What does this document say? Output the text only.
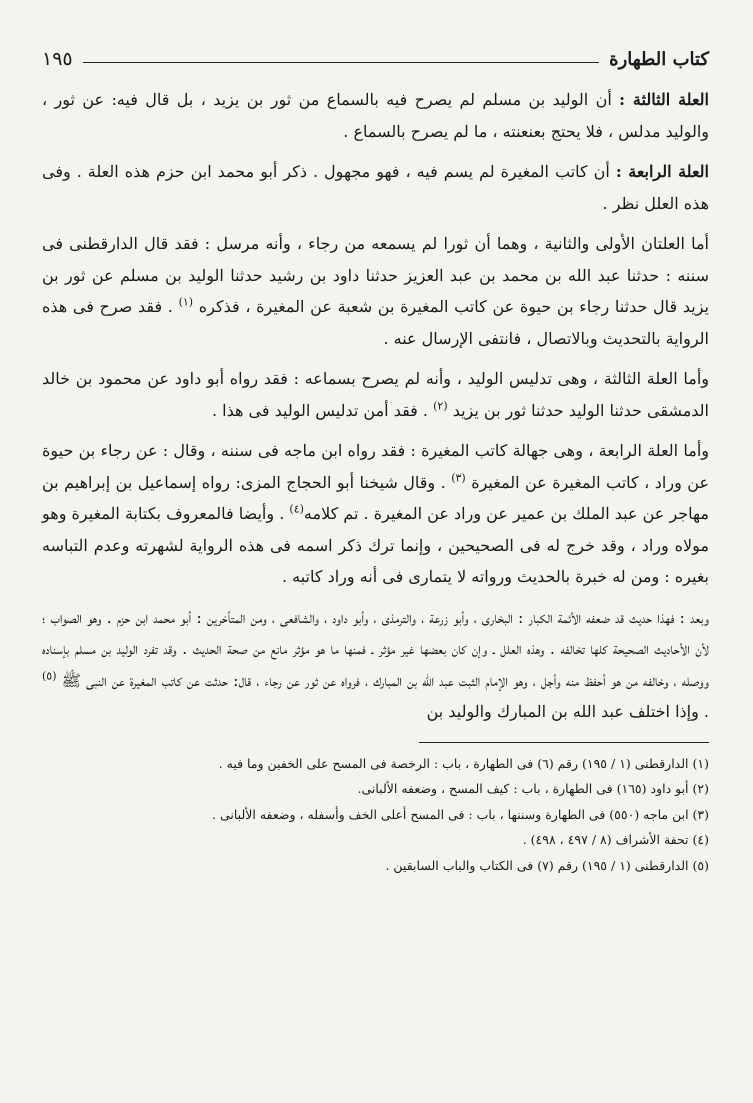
كتاب الطهارة
١٩٥

العلة الثالثة : أن الوليد بن مسلم لم يصرح فيه بالسماع من ثور بن يزيد ، بل قال فيه: عن ثور ، والوليد مدلس ، فلا يحتج بعنعنته ، ما لم يصرح بالسماع .

العلة الرابعة : أن كاتب المغيرة لم يسم فيه ، فهو مجهول . ذكر أبو محمد ابن حزم هذه العلة . وفى هذه العلل نظر .

أما العلتان الأولى والثانية ، وهما أن ثورا لم يسمعه من رجاء ، وأنه مرسل : فقد قال الدارقطنى فى سننه : حدثنا عبد الله بن محمد بن عبد العزيز حدثنا داود بن رشيد حدثنا الوليد بن مسلم عن ثور بن يزيد قال حدثنا رجاء بن حيوة عن كاتب المغيرة بن شعبة عن المغيرة ، فذكره $^{(١)}$ . فقد صرح فى هذه الرواية بالتحديث وبالاتصال ، فانتفى الإرسال عنه .

وأما العلة الثالثة ، وهى تدليس الوليد ، وأنه لم يصرح بسماعه : فقد رواه أبو داود عن محمود بن خالد الدمشقى حدثنا الوليد حدثنا ثور بن يزيد $^{(٢)}$ . فقد أمن تدليس الوليد فى هذا .

وأما العلة الرابعة ، وهى جهالة كاتب المغيرة : فقد رواه ابن ماجه فى سننه ، وقال : عن رجاء بن حيوة عن وراد ، كاتب المغيرة عن المغيرة $^{(٣)}$ . وقال شيخنا أبو الحجاج المزى: رواه إسماعيل بن إبراهيم بن مهاجر عن عبد الملك بن عمير عن وراد عن المغيرة . تم كلامه$^{(٤)}$ . وأيضا فالمعروف بكتابة المغيرة وهو مولاه وراد ، وقد خرج له فى الصحيحين ، وإنما ترك ذكر اسمه فى هذه الرواية لشهرته وعدم التباسه بغيره : ومن له خبرة بالحديث ورواته لا يتمارى فى أنه وراد كاتبه .

وبعد : فهذا حديث قد ضعفه الأئمة الكبار : البخارى ، وأبو زرعة ، والترمذى ، وأبو داود ، والشافعى ، ومن المتأخرين : أبو محمد ابن حزم . وهو الصواب ؛ لأن الأحاديث الصحيحة كلها تخالفه . وهذه العلل ـ وإن كان بعضها غير مؤثر ـ فمنها ما هو مؤثر مانع من صحة الحديث . وقد تفرد الوليد بن مسلم بإسناده ووصله ، وخالفه من هو أحفظ منه وأجل ، وهو الإمام الثبت عبد الله بن المبارك ، فرواه عن ثور عن رجاء ، قال: حدثت عن كاتب المغيرة عن النبى ﷺ $^{(٥)}$ . وإذا اختلف عبد الله بن المبارك والوليد بن

(١) الدارقطنى (١ / ١٩٥) رقم (٦) فى الطهارة ، باب : الرخصة فى المسح على الخفين وما فيه .

(٢) أبو داود (١٦٥) فى الطهارة ، باب : كيف المسح ، وضعفه الألبانى.

(٣) ابن ماجه (٥٥٠) فى الطهارة وسننها ، باب : فى المسح أعلى الخف وأسفله ، وضعفه الألبانى .

(٤) تحفة الأشراف (٨ / ٤٩٧ ، ٤٩٨) .

(٥) الدارقطنى (١ / ١٩٥) رقم (٧) فى الكتاب والباب السابقين .
